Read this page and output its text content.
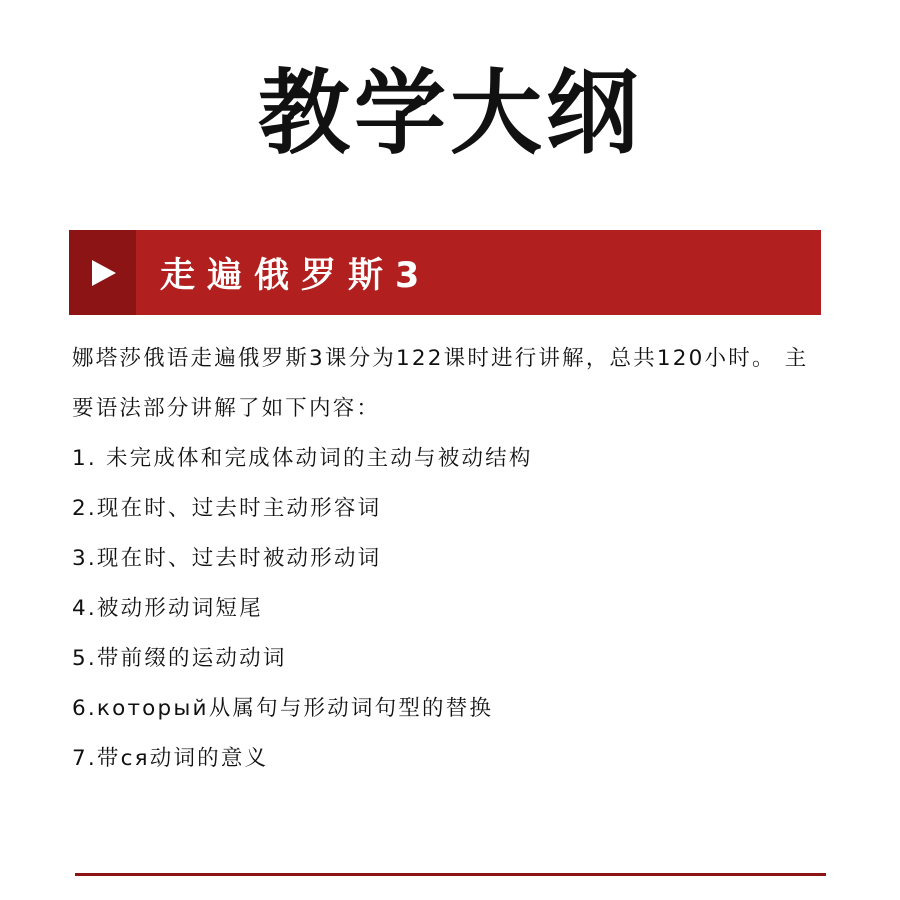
教学大纲
走遍俄罗斯3

娜塔莎俄语走遍俄罗斯3课分为122课时进行讲解，总共120小时。 主要语法部分讲解了如下内容：

1. 未完成体和完成体动词的主动与被动结构
2.现在时、过去时主动形容词
3.现在时、过去时被动形动词
4.被动形动词短尾
5.带前缀的运动动词
6.который从属句与形动词句型的替换
7.带ся动词的意义
